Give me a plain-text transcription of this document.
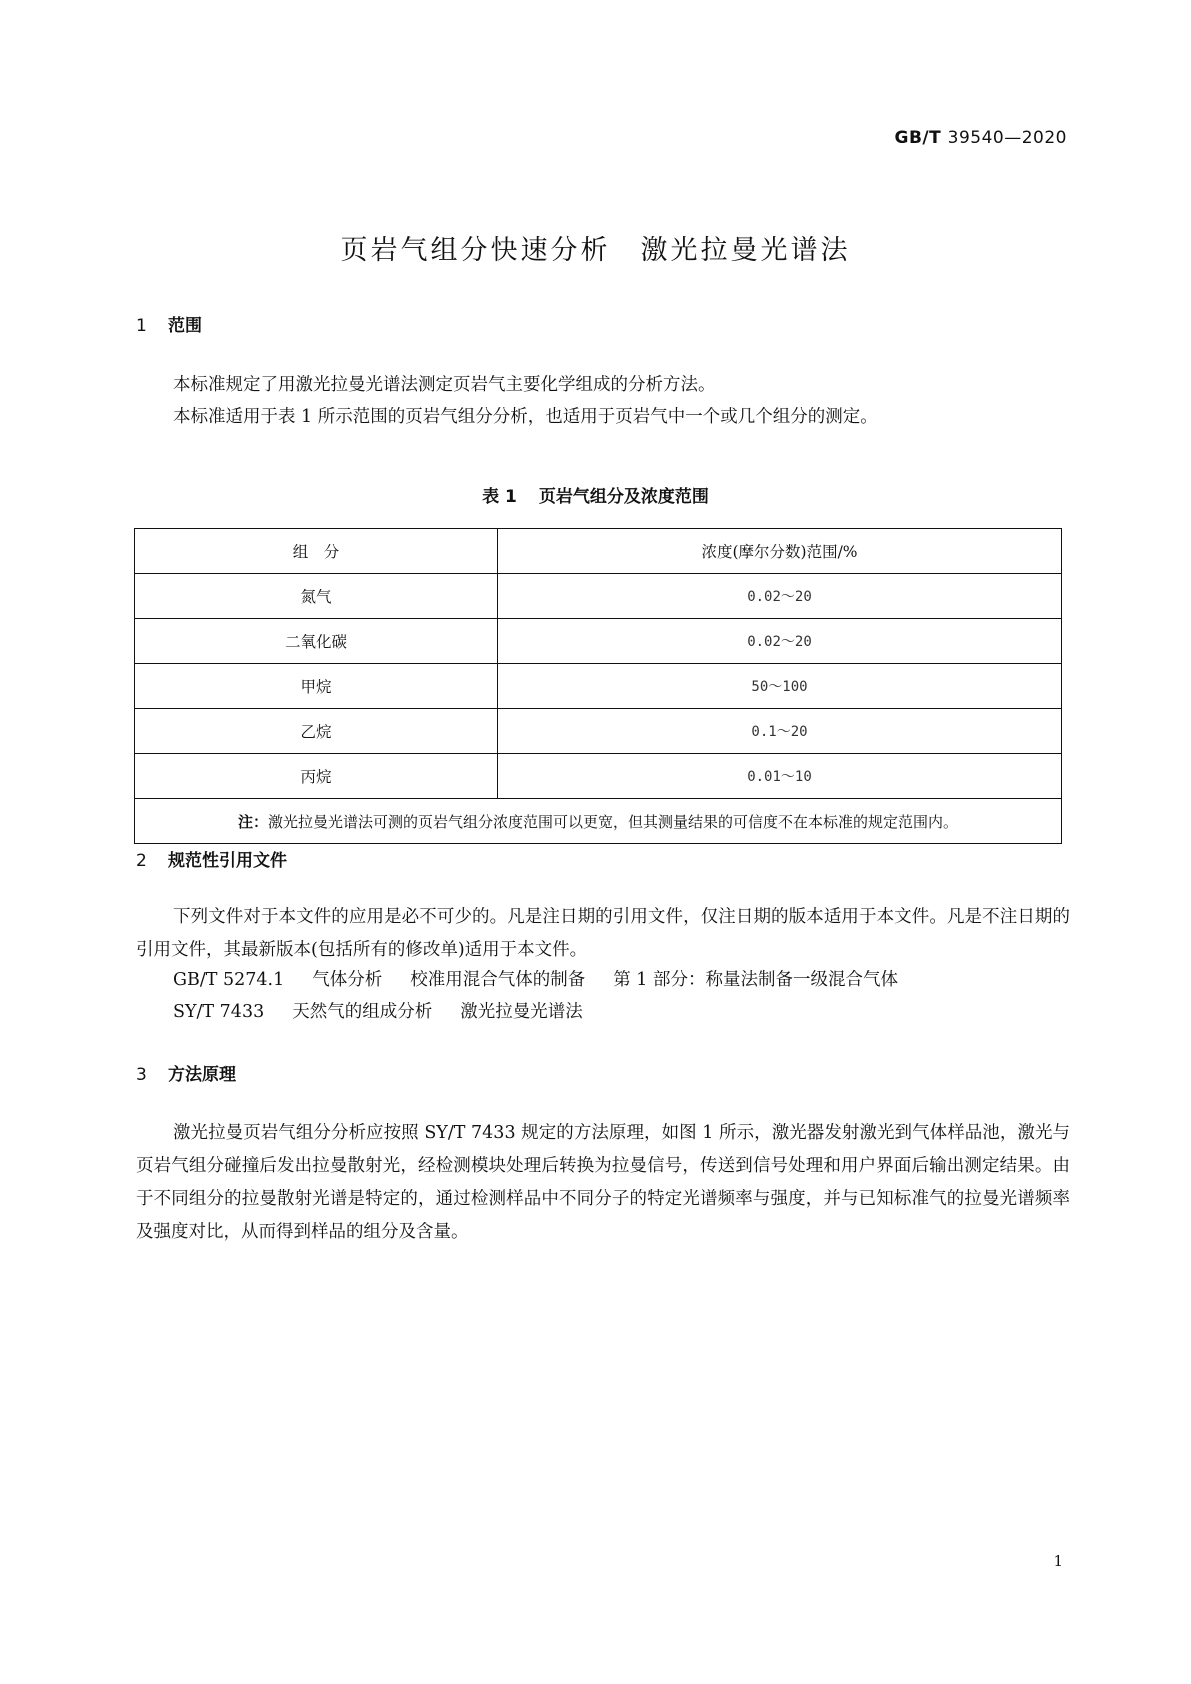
GB/T 39540—2020
页岩气组分快速分析 激光拉曼光谱法
1 范围
本标准规定了用激光拉曼光谱法测定页岩气主要化学组成的分析方法。
本标准适用于表 1 所示范围的页岩气组分分析，也适用于页岩气中一个或几个组分的测定。
表 1 页岩气组分及浓度范围
组　分	浓度(摩尔分数)范围/%
氮气	0.02～20
二氧化碳	0.02～20
甲烷	50～100
乙烷	0.1～20
丙烷	0.01～10
注：激光拉曼光谱法可测的页岩气组分浓度范围可以更宽，但其测量结果的可信度不在本标准的规定范围内。	
2 规范性引用文件
下列文件对于本文件的应用是必不可少的。凡是注日期的引用文件，仅注日期的版本适用于本文件。凡是不注日期的引用文件，其最新版本(包括所有的修改单)适用于本文件。
GB/T 5274.1 气体分析 校准用混合气体的制备 第 1 部分：称量法制备一级混合气体
SY/T 7433 天然气的组成分析 激光拉曼光谱法
3 方法原理
激光拉曼页岩气组分分析应按照 SY/T 7433 规定的方法原理，如图 1 所示，激光器发射激光到气体样品池，激光与页岩气组分碰撞后发出拉曼散射光，经检测模块处理后转换为拉曼信号，传送到信号处理和用户界面后输出测定结果。由于不同组分的拉曼散射光谱是特定的，通过检测样品中不同分子的特定光谱频率与强度，并与已知标准气的拉曼光谱频率及强度对比，从而得到样品的组分及含量。
1
